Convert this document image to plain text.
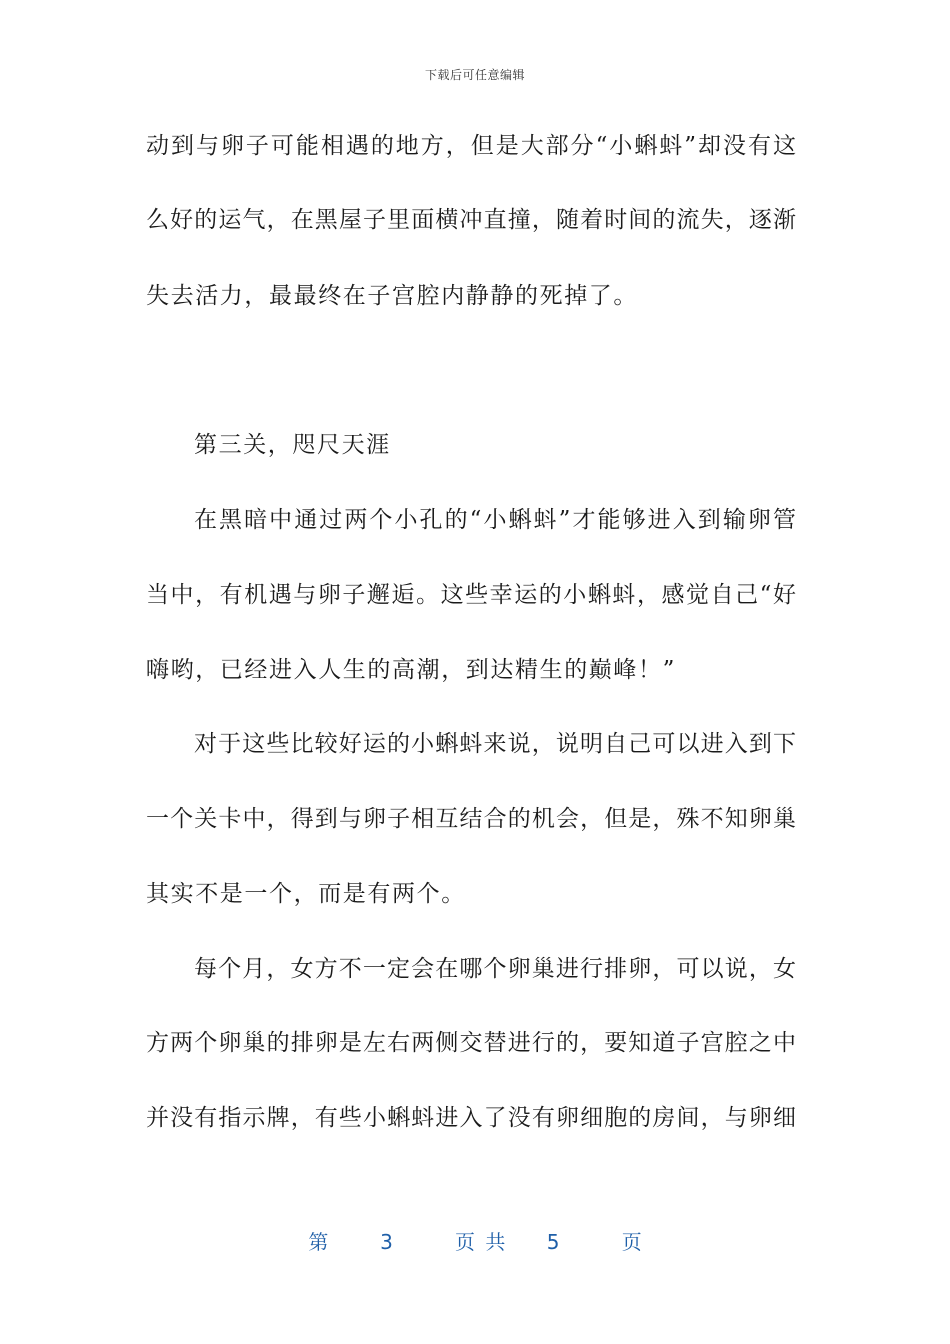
下载后可任意编辑
动到与卵子可能相遇的地方，但是大部分“小蝌蚪”却没有这
么好的运气，在黑屋子里面横冲直撞，随着时间的流失，逐渐
失去活力，最最终在子宫腔内静静的死掉了。
第三关，咫尺天涯
在黑暗中通过两个小孔的“小蝌蚪”才能够进入到输卵管
当中，有机遇与卵子邂逅。这些幸运的小蝌蚪，感觉自己“好
嗨哟，已经进入人生的高潮，到达精生的巅峰！”
对于这些比较好运的小蝌蚪来说，说明自己可以进入到下
一个关卡中，得到与卵子相互结合的机会，但是，殊不知卵巢
其实不是一个，而是有两个。
每个月，女方不一定会在哪个卵巢进行排卵，可以说，女
方两个卵巢的排卵是左右两侧交替进行的，要知道子宫腔之中
并没有指示牌，有些小蝌蚪进入了没有卵细胞的房间，与卵细
第	3	页 共 5	页
